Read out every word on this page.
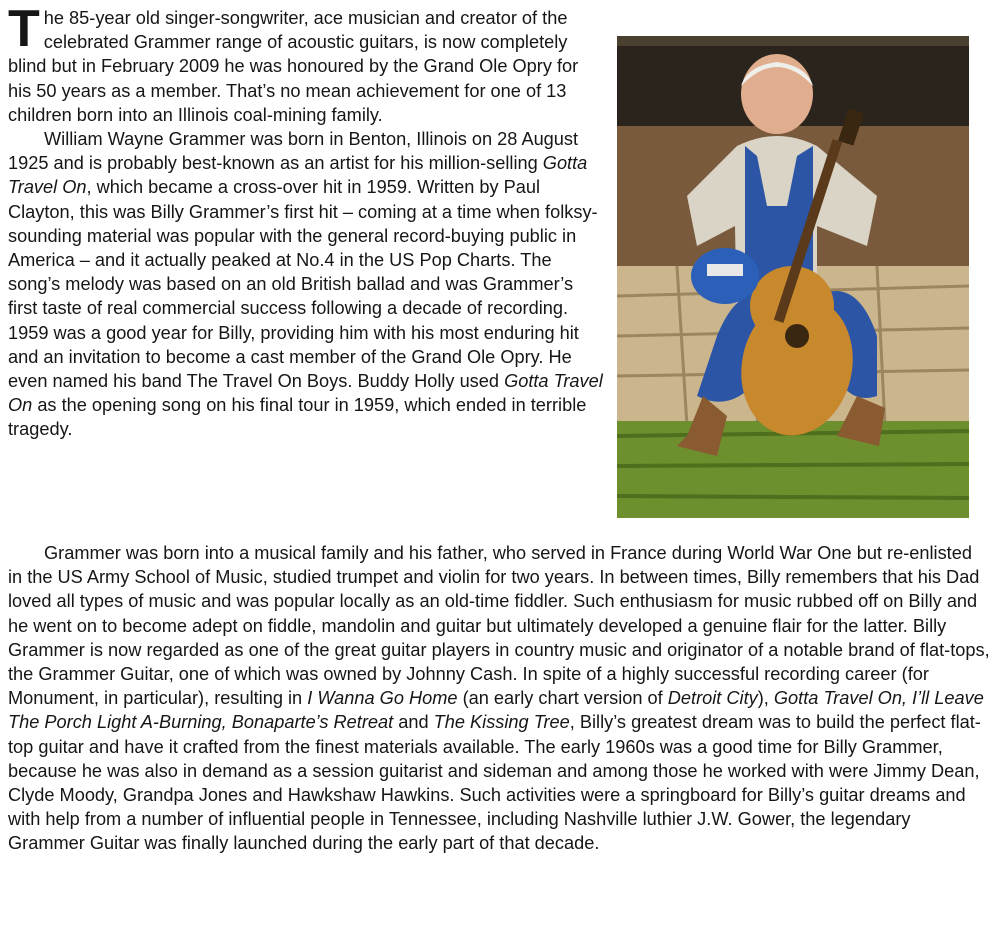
The 85-year old singer-songwriter, ace musician and creator of the celebrated Grammer range of acoustic guitars, is now completely blind but in February 2009 he was honoured by the Grand Ole Opry for his 50 years as a member. That’s no mean achievement for one of 13 children born into an Illinois coal-mining family.

William Wayne Grammer was born in Benton, Illinois on 28 August 1925 and is probably best-known as an artist for his million-selling Gotta Travel On, which became a cross-over hit in 1959. Written by Paul Clayton, this was Billy Grammer’s first hit – coming at a time when folksy-sounding material was popular with the general record-buying public in America – and it actually peaked at No.4 in the US Pop Charts. The song’s melody was based on an old British ballad and was Grammer’s first taste of real commercial success following a decade of recording. 1959 was a good year for Billy, providing him with his most enduring hit and an invitation to become a cast member of the Grand Ole Opry. He even named his band The Travel On Boys. Buddy Holly used Gotta Travel On as the opening song on his final tour in 1959, which ended in terrible tragedy.

Grammer was born into a musical family and his father, who served in France during World War One but re-enlisted in the US Army School of Music, studied trumpet and violin for two years. In between times, Billy remembers that his Dad loved all types of music and was popular locally as an old-time fiddler. Such enthusiasm for music rubbed off on Billy and he went on to become adept on fiddle, mandolin and guitar but ultimately developed a genuine flair for the latter. Billy Grammer is now regarded as one of the great guitar players in country music and originator of a notable brand of flat-tops, the Grammer Guitar, one of which was owned by Johnny Cash. In spite of a highly successful recording career (for Monument, in particular), resulting in I Wanna Go Home (an early chart version of Detroit City), Gotta Travel On, I’ll Leave The Porch Light A-Burning, Bonaparte’s Retreat and The Kissing Tree, Billy’s greatest dream was to build the perfect flat-top guitar and have it crafted from the finest materials available. The early 1960s was a good time for Billy Grammer, because he was also in demand as a session guitarist and sideman and among those he worked with were Jimmy Dean, Clyde Moody, Grandpa Jones and Hawkshaw Hawkins. Such activities were a springboard for Billy’s guitar dreams and with help from a number of influential people in Tennessee, including Nashville luthier J.W. Gower, the legendary Grammer Guitar was finally launched during the early part of that decade.
